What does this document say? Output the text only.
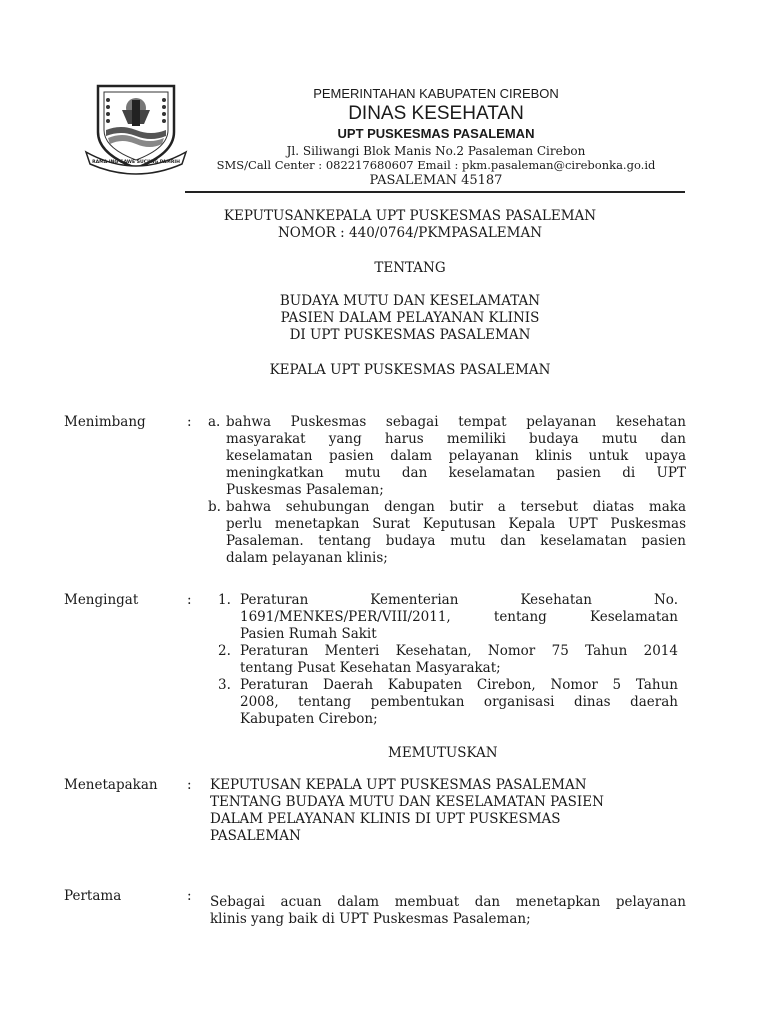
RAMA ING GAWE SUCIING PAMRIH
PEMERINTAHAN KABUPATEN CIREBON
DINAS KESEHATAN
UPT PUSKESMAS PASALEMAN
Jl. Siliwangi Blok Manis No.2 Pasaleman Cirebon
SMS/Call Center : 082217680607 Email : pkm.pasaleman@cirebonka.go.id
PASALEMAN 45187
KEPUTUSANKEPALA UPT PUSKESMAS PASALEMAN
NOMOR : 440/0764/PKMPASALEMAN
TENTANG
BUDAYA MUTU DAN KESELAMATAN
PASIEN DALAM PELAYANAN KLINIS
DI UPT PUSKESMAS PASALEMAN
KEPALA UPT PUSKESMAS PASALEMAN
Menimbang	: a. bahwa Puskesmas sebagai tempat pelayanan kesehatan
masyarakat yang harus memiliki budaya mutu dan
keselamatan pasien dalam pelayanan klinis untuk upaya
meningkatkan mutu dan keselamatan pasien di UPT
Puskesmas Pasaleman;
b. bahwa sehubungan dengan butir a tersebut diatas maka
perlu menetapkan Surat Keputusan Kepala UPT Puskesmas
Pasaleman. tentang budaya mutu dan keselamatan pasien
dalam pelayanan klinis;
Mengingat	: 1. Peraturan Kementerian Kesehatan No.
1691/MENKES/PER/VIII/2011, tentang Keselamatan
Pasien Rumah Sakit
2. Peraturan Menteri Kesehatan, Nomor 75 Tahun 2014
tentang Pusat Kesehatan Masyarakat;
3. Peraturan Daerah Kabupaten Cirebon, Nomor 5 Tahun
2008, tentang pembentukan organisasi dinas daerah
Kabupaten Cirebon;
MEMUTUSKAN
Menetapakan : KEPUTUSAN KEPALA UPT PUSKESMAS PASALEMAN
TENTANG BUDAYA MUTU DAN KESELAMATAN PASIEN
DALAM PELAYANAN KLINIS DI UPT PUSKESMAS
PASALEMAN
Pertama	: Sebagai acuan dalam membuat dan menetapkan pelayanan
klinis yang baik di UPT Puskesmas Pasaleman;
